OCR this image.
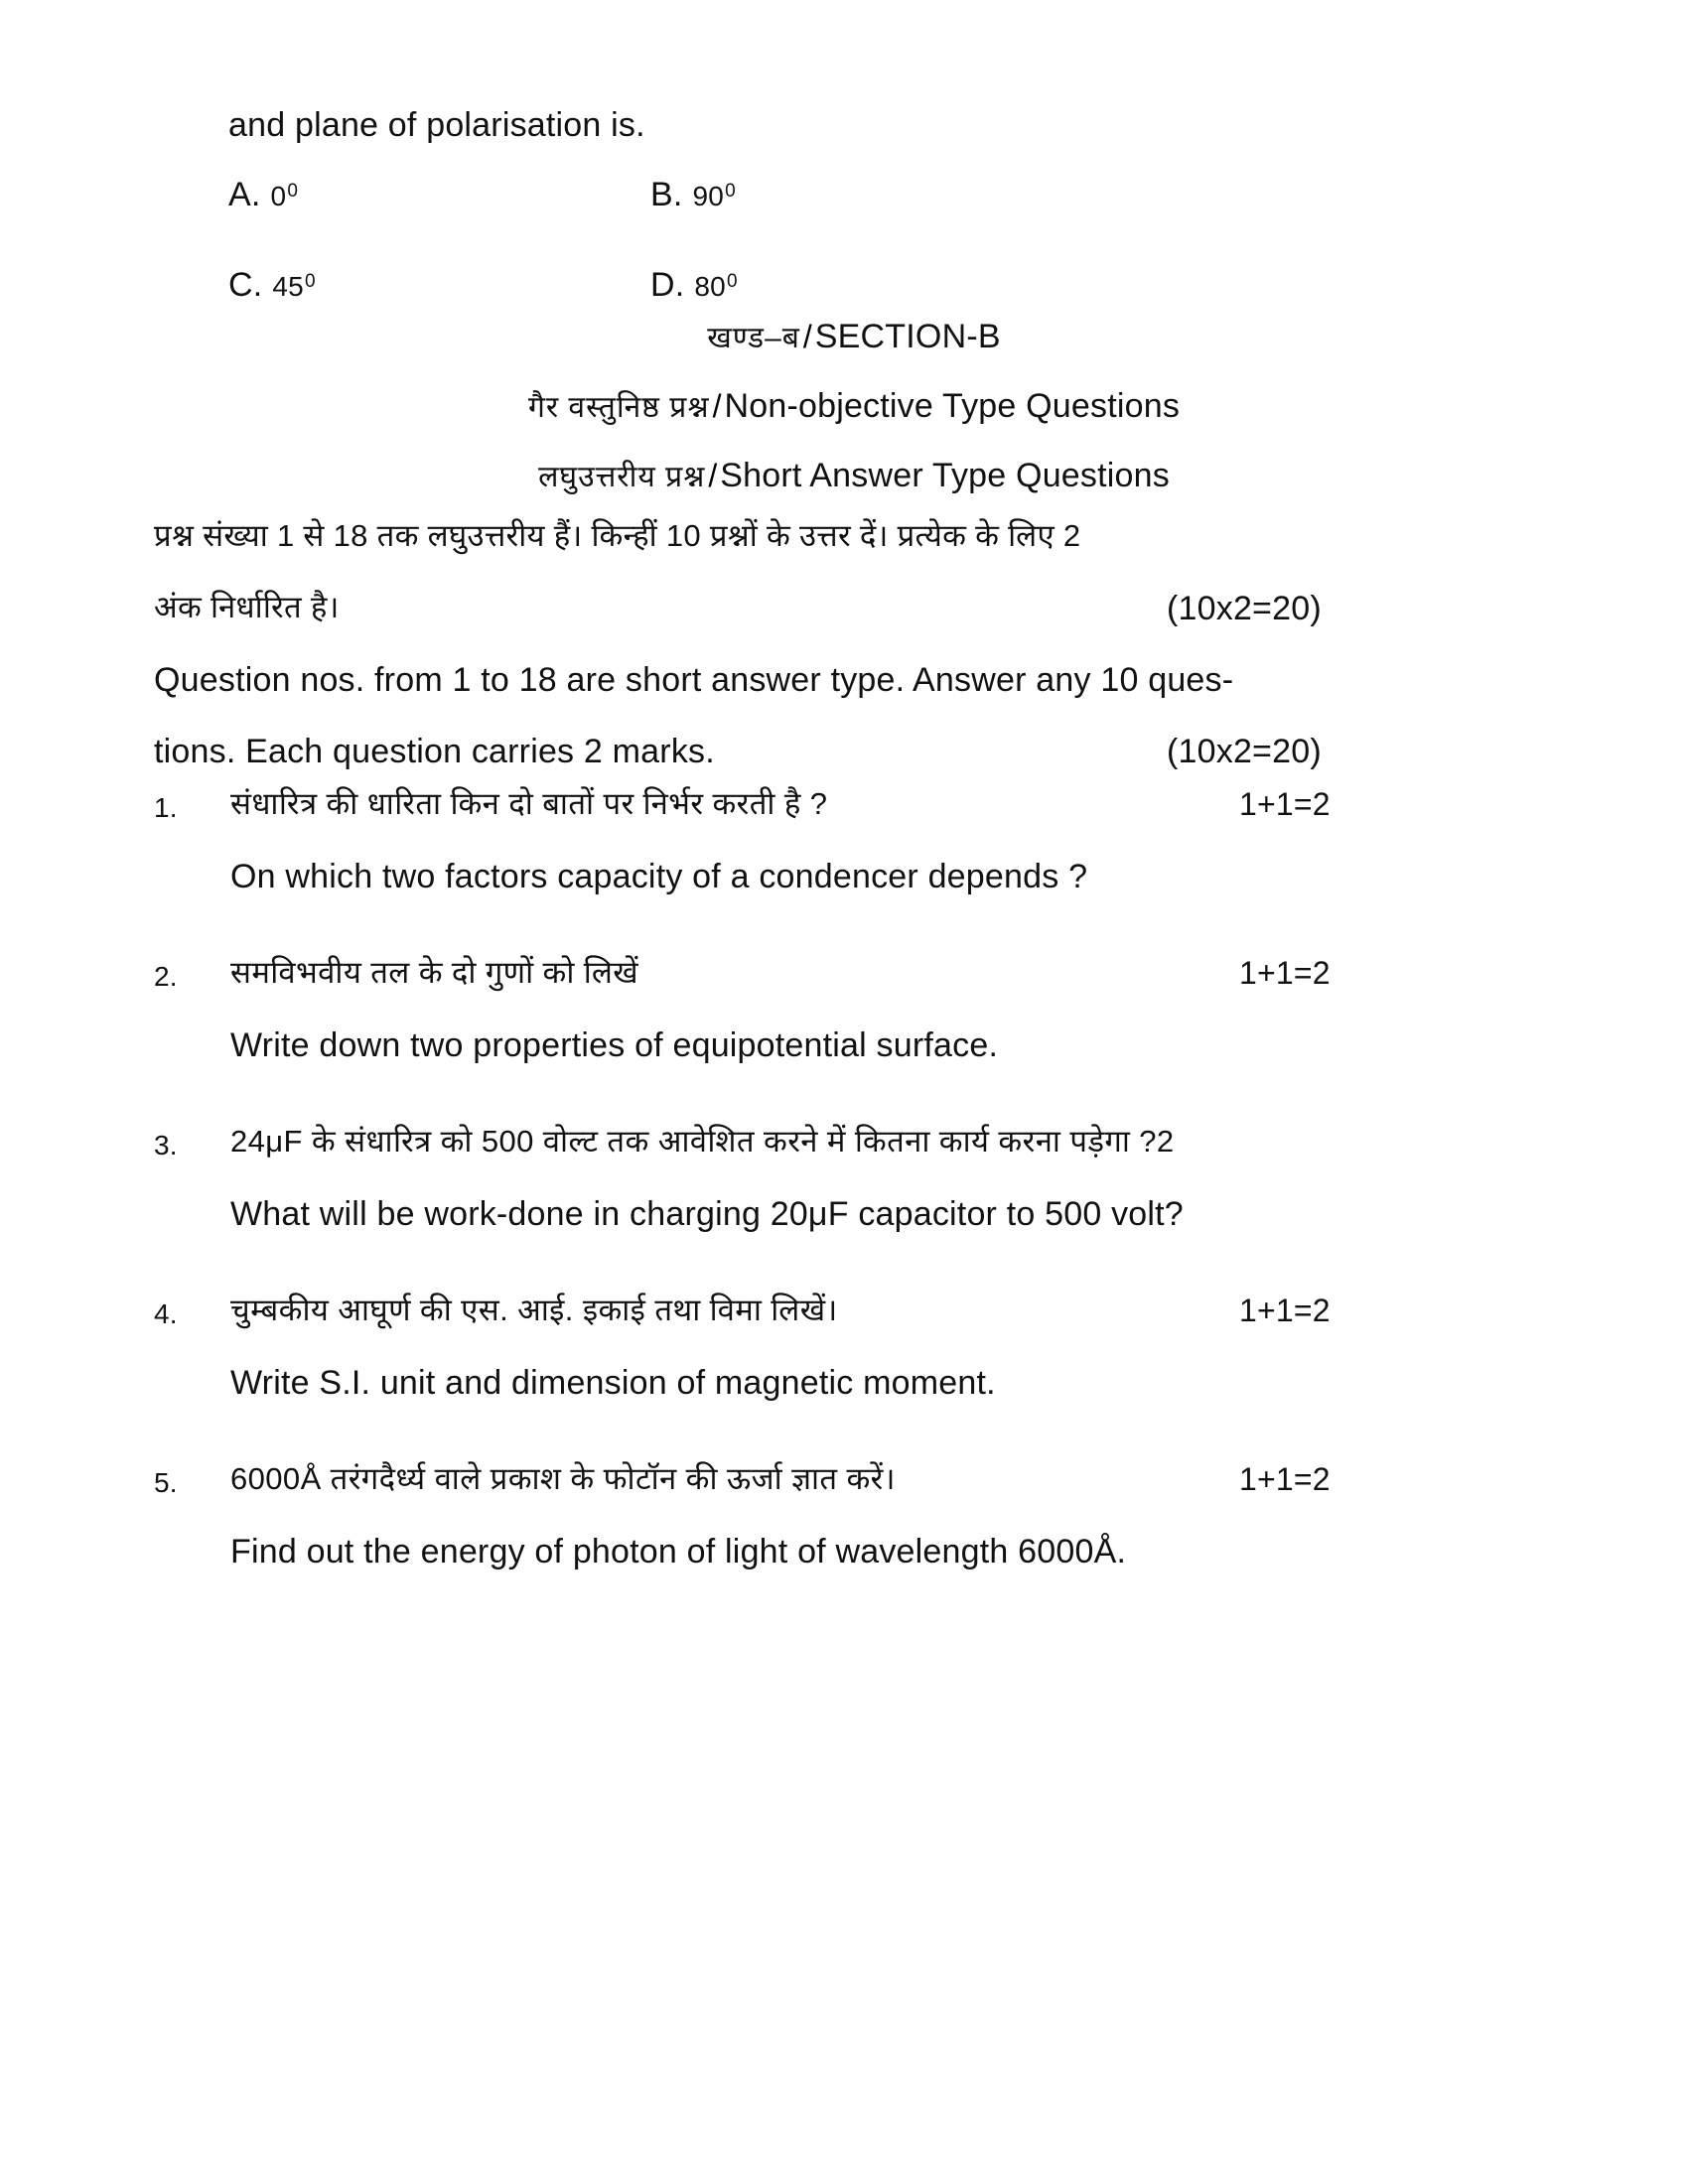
and plane of polarisation is.
A. 0 0	B. 90 0
C. 45 0	D. 80 0
खण्ड–ब/SECTION-B
गैर वस्तुनिष्ठ प्रश्न/Non-objective Type Questions
लघुउत्तरीय प्रश्न/Short Answer Type Questions
प्रश्न संख्या 1 से 18 तक लघुउत्तरीय हैं। किन्हीं 10 प्रश्नों के उत्तर दें। प्रत्येक के लिए 2
अंक निर्धारित है।	(10x2=20)
Question nos. from 1 to 18 are short answer type. Answer any 10 ques-
tions. Each question carries 2 marks.	(10x2=20)
1. संधारित्र की धारिता किन दो बातों पर निर्भर करती है ?	1+1=2
On which two factors capacity of a condencer depends ?
2. समविभवीय तल के दो गुणों को लिखें	1+1=2
Write down two properties of equipotential surface.
3. 24μF के संधारित्र को 500 वोल्ट तक आवेशित करने में कितना कार्य करना पड़ेगा ?2
What will be work-done in charging 20μF capacitor to 500 volt?
4. चुम्बकीय आघूर्ण की एस. आई. इकाई तथा विमा लिखें।	1+1=2
Write S.I. unit and dimension of magnetic moment.
5. 6000Å तरंगदैर्ध्य वाले प्रकाश के फोटॉन की ऊर्जा ज्ञात करें।	1+1=2
Find out the energy of photon of light of wavelength 6000Å.
